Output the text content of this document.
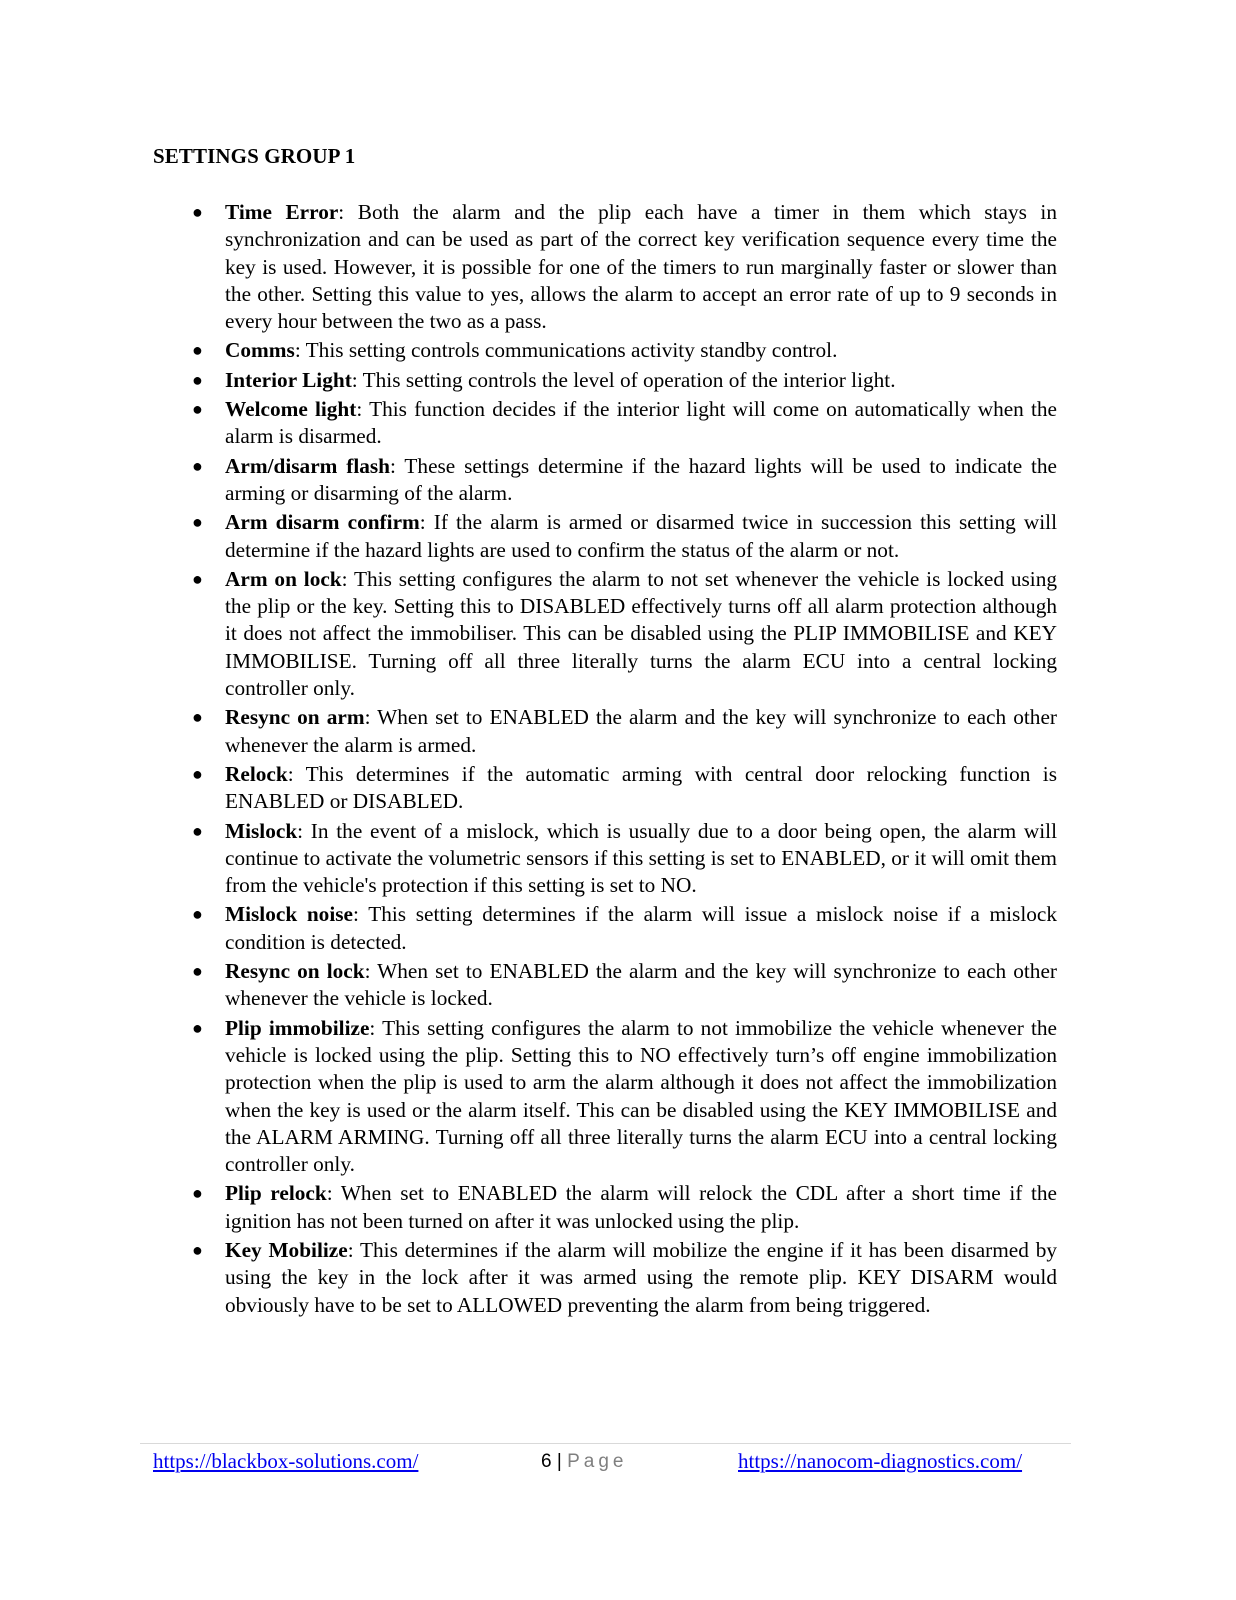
SETTINGS GROUP 1
● Time Error: Both the alarm and the plip each have a timer in them which stays in synchronization and can be used as part of the correct key verification sequence every time the key is used. However, it is possible for one of the timers to run marginally faster or slower than the other. Setting this value to yes, allows the alarm to accept an error rate of up to 9 seconds in every hour between the two as a pass.
● Comms: This setting controls communications activity standby control.
● Interior Light: This setting controls the level of operation of the interior light.
● Welcome light: This function decides if the interior light will come on automatically when the alarm is disarmed.
● Arm/disarm flash: These settings determine if the hazard lights will be used to indicate the arming or disarming of the alarm.
● Arm disarm confirm: If the alarm is armed or disarmed twice in succession this setting will determine if the hazard lights are used to confirm the status of the alarm or not.
● Arm on lock: This setting configures the alarm to not set whenever the vehicle is locked using the plip or the key. Setting this to DISABLED effectively turns off all alarm protection although it does not affect the immobiliser. This can be disabled using the PLIP IMMOBILISE and KEY IMMOBILISE. Turning off all three literally turns the alarm ECU into a central locking controller only.
● Resync on arm: When set to ENABLED the alarm and the key will synchronize to each other whenever the alarm is armed.
● Relock: This determines if the automatic arming with central door relocking function is ENABLED or DISABLED.
● Mislock: In the event of a mislock, which is usually due to a door being open, the alarm will continue to activate the volumetric sensors if this setting is set to ENABLED, or it will omit them from the vehicle's protection if this setting is set to NO.
● Mislock noise: This setting determines if the alarm will issue a mislock noise if a mislock condition is detected.
● Resync on lock: When set to ENABLED the alarm and the key will synchronize to each other whenever the vehicle is locked.
● Plip immobilize: This setting configures the alarm to not immobilize the vehicle whenever the vehicle is locked using the plip. Setting this to NO effectively turn’s off engine immobilization protection when the plip is used to arm the alarm although it does not affect the immobilization when the key is used or the alarm itself. This can be disabled using the KEY IMMOBILISE and the ALARM ARMING. Turning off all three literally turns the alarm ECU into a central locking controller only.
● Plip relock: When set to ENABLED the alarm will relock the CDL after a short time if the ignition has not been turned on after it was unlocked using the plip.
● Key Mobilize: This determines if the alarm will mobilize the engine if it has been disarmed by using the key in the lock after it was armed using the remote plip. KEY DISARM would obviously have to be set to ALLOWED preventing the alarm from being triggered.
https://blackbox-solutions.com/	6 | Page	https://nanocom-diagnostics.com/
